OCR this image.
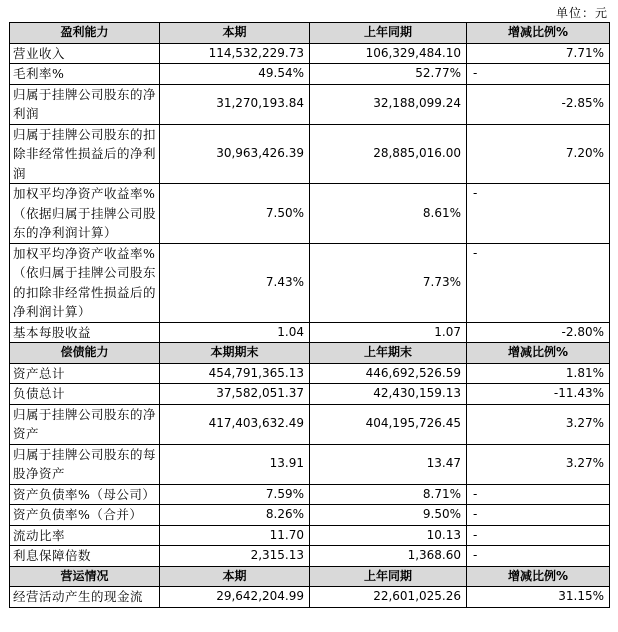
单位：元
盈利能力	本期	上年同期	增减比例%
营业收入	114,532,229.73	106,329,484.10	7.71%
毛利率%	49.54%	52.77%	-
归属于挂牌公司股东的净利润	31,270,193.84	32,188,099.24	-2.85%
归属于挂牌公司股东的扣除非经常性损益后的净利润	30,963,426.39	28,885,016.00	7.20%
加权平均净资产收益率%（依据归属于挂牌公司股东的净利润计算）	7.50%	8.61%	-
加权平均净资产收益率%（依归属于挂牌公司股东的扣除非经常性损益后的净利润计算）	7.43%	7.73%	-
基本每股收益	1.04	1.07	-2.80%
偿债能力	本期期末	上年期末	增减比例%
资产总计	454,791,365.13	446,692,526.59	1.81%
负债总计	37,582,051.37	42,430,159.13	-11.43%
归属于挂牌公司股东的净资产	417,403,632.49	404,195,726.45	3.27%
归属于挂牌公司股东的每股净资产	13.91	13.47	3.27%
资产负债率%（母公司）	7.59%	8.71%	-
资产负债率%（合并）	8.26%	9.50%	-
流动比率	11.70	10.13	-
利息保障倍数	2,315.13	1,368.60	-
营运情况	本期	上年同期	增减比例%
经营活动产生的现金流	29,642,204.99	22,601,025.26	31.15%
